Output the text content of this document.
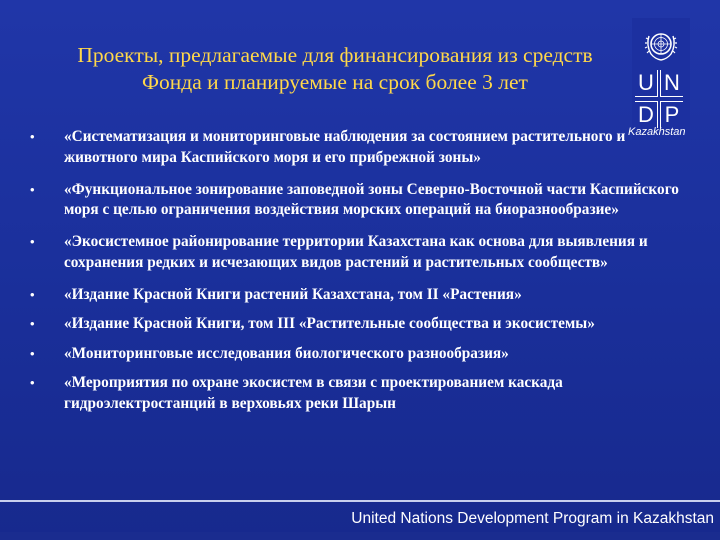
Проекты, предлагаемые для финансирования из средств
Фонда и планируемые на срок более 3 лет	U N
D P
Kazakhstan
• «Систематизация и мониторинговые наблюдения за состоянием растительного и животного мира Каспийского моря и его прибрежной зоны»
• «Функциональное зонирование заповедной зоны Северно-Восточной части Каспийского моря с целью ограничения воздействия морских операций на биоразнообразие»
• «Экосистемное районирование территории Казахстана как основа для выявления и сохранения редких и исчезающих видов растений и растительных сообществ»
• «Издание Красной Книги растений Казахстана, том II «Растения»
• «Издание Красной Книги, том III «Растительные сообщества и экосистемы»
• «Мониторинговые исследования биологического разнообразия»
• «Мероприятия по охране экосистем в связи с проектированием каскада гидроэлектростанций в верховьях реки Шарын
United Nations Development Program in Kazakhstan
